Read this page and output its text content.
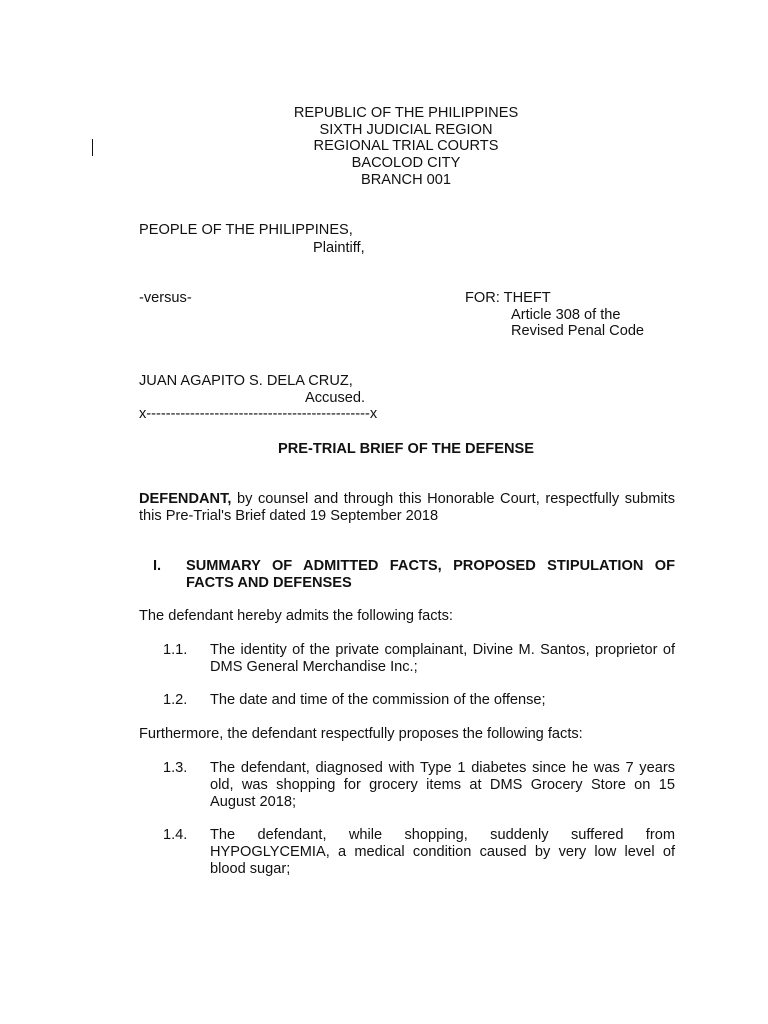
REPUBLIC OF THE PHILIPPINES
SIXTH JUDICIAL REGION
REGIONAL TRIAL COURTS
BACOLOD CITY
BRANCH 001
PEOPLE OF THE PHILIPPINES,
Plaintiff,
-versus-	FOR: THEFT
Article 308 of the
Revised Penal Code
JUAN AGAPITO S. DELA CRUZ,
Accused.
x----------------------------------------------x
PRE-TRIAL BRIEF OF THE DEFENSE
DEFENDANT, by counsel and through this Honorable Court, respectfully submits this Pre-Trial's Brief dated 19 September 2018
I. SUMMARY OF ADMITTED FACTS, PROPOSED STIPULATION OF FACTS AND DEFENSES
The defendant hereby admits the following facts:
1.1. The identity of the private complainant, Divine M. Santos, proprietor of DMS General Merchandise Inc.;
1.2. The date and time of the commission of the offense;
Furthermore, the defendant respectfully proposes the following facts:
1.3. The defendant, diagnosed with Type 1 diabetes since he was 7 years old, was shopping for grocery items at DMS Grocery Store on 15 August 2018;
1.4. The defendant, while shopping, suddenly suffered from HYPOGLYCEMIA, a medical condition caused by very low level of blood sugar;
